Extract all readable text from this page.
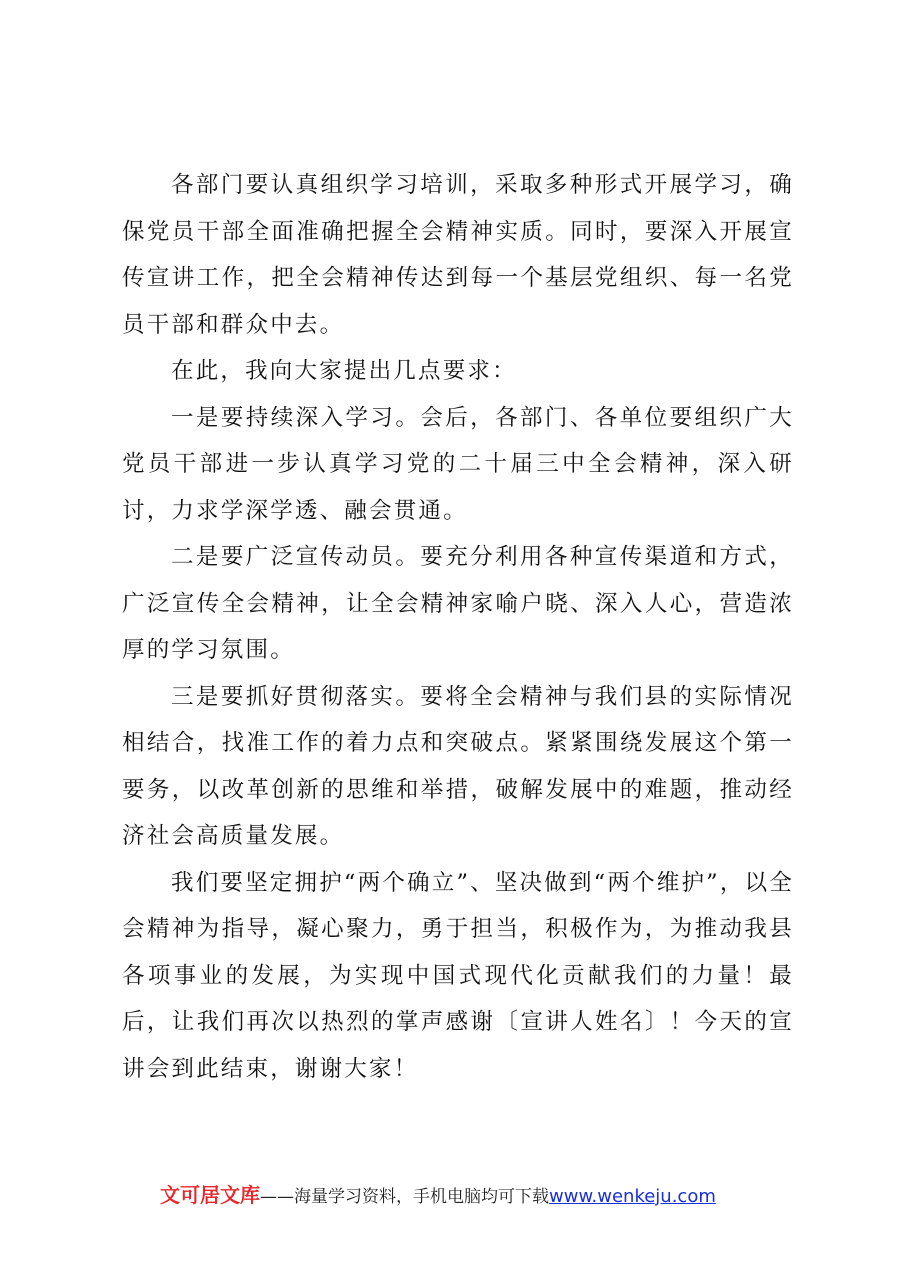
各部门要认真组织学习培训，采取多种形式开展学习，确保党员干部全面准确把握全会精神实质。同时，要深入开展宣传宣讲工作，把全会精神传达到每一个基层党组织、每一名党员干部和群众中去。

在此，我向大家提出几点要求：

一是要持续深入学习。会后，各部门、各单位要组织广大党员干部进一步认真学习党的二十届三中全会精神，深入研讨，力求学深学透、融会贯通。

二是要广泛宣传动员。要充分利用各种宣传渠道和方式，广泛宣传全会精神，让全会精神家喻户晓、深入人心，营造浓厚的学习氛围。

三是要抓好贯彻落实。要将全会精神与我们县的实际情况相结合，找准工作的着力点和突破点。紧紧围绕发展这个第一要务，以改革创新的思维和举措，破解发展中的难题，推动经济社会高质量发展。

我们要坚定拥护“两个确立”、坚决做到“两个维护”，以全会精神为指导，凝心聚力，勇于担当，积极作为，为推动我县各项事业的发展，为实现中国式现代化贡献我们的力量！最后，让我们再次以热烈的掌声感谢〔宣讲人姓名〕！今天的宣讲会到此结束，谢谢大家！

文可居文库——海量学习资料，手机电脑均可下载www.wenkeju.com
